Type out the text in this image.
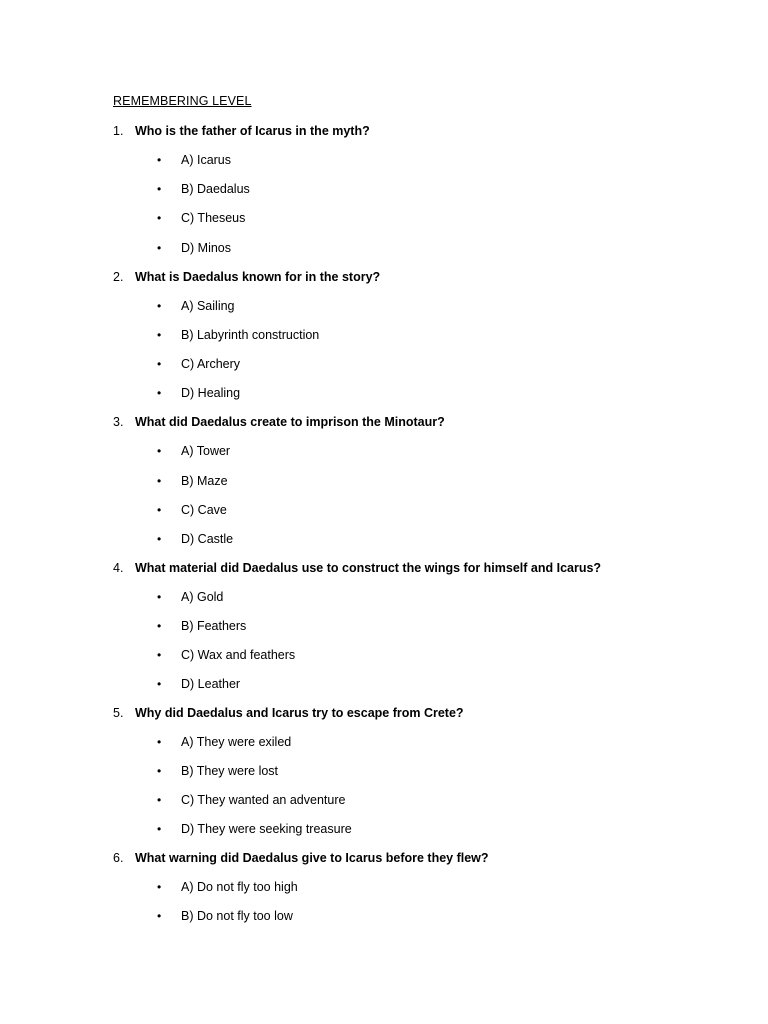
REMEMBERING LEVEL

1. Who is the father of Icarus in the myth?

• A) Icarus

• B) Daedalus

• C) Theseus

• D) Minos

2. What is Daedalus known for in the story?

• A) Sailing

• B) Labyrinth construction

• C) Archery

• D) Healing

3. What did Daedalus create to imprison the Minotaur?

• A) Tower

• B) Maze

• C) Cave

• D) Castle

4. What material did Daedalus use to construct the wings for himself and Icarus?

• A) Gold

• B) Feathers

• C) Wax and feathers

• D) Leather

5. Why did Daedalus and Icarus try to escape from Crete?

• A) They were exiled

• B) They were lost

• C) They wanted an adventure

• D) They were seeking treasure

6. What warning did Daedalus give to Icarus before they flew?

• A) Do not fly too high

• B) Do not fly too low
